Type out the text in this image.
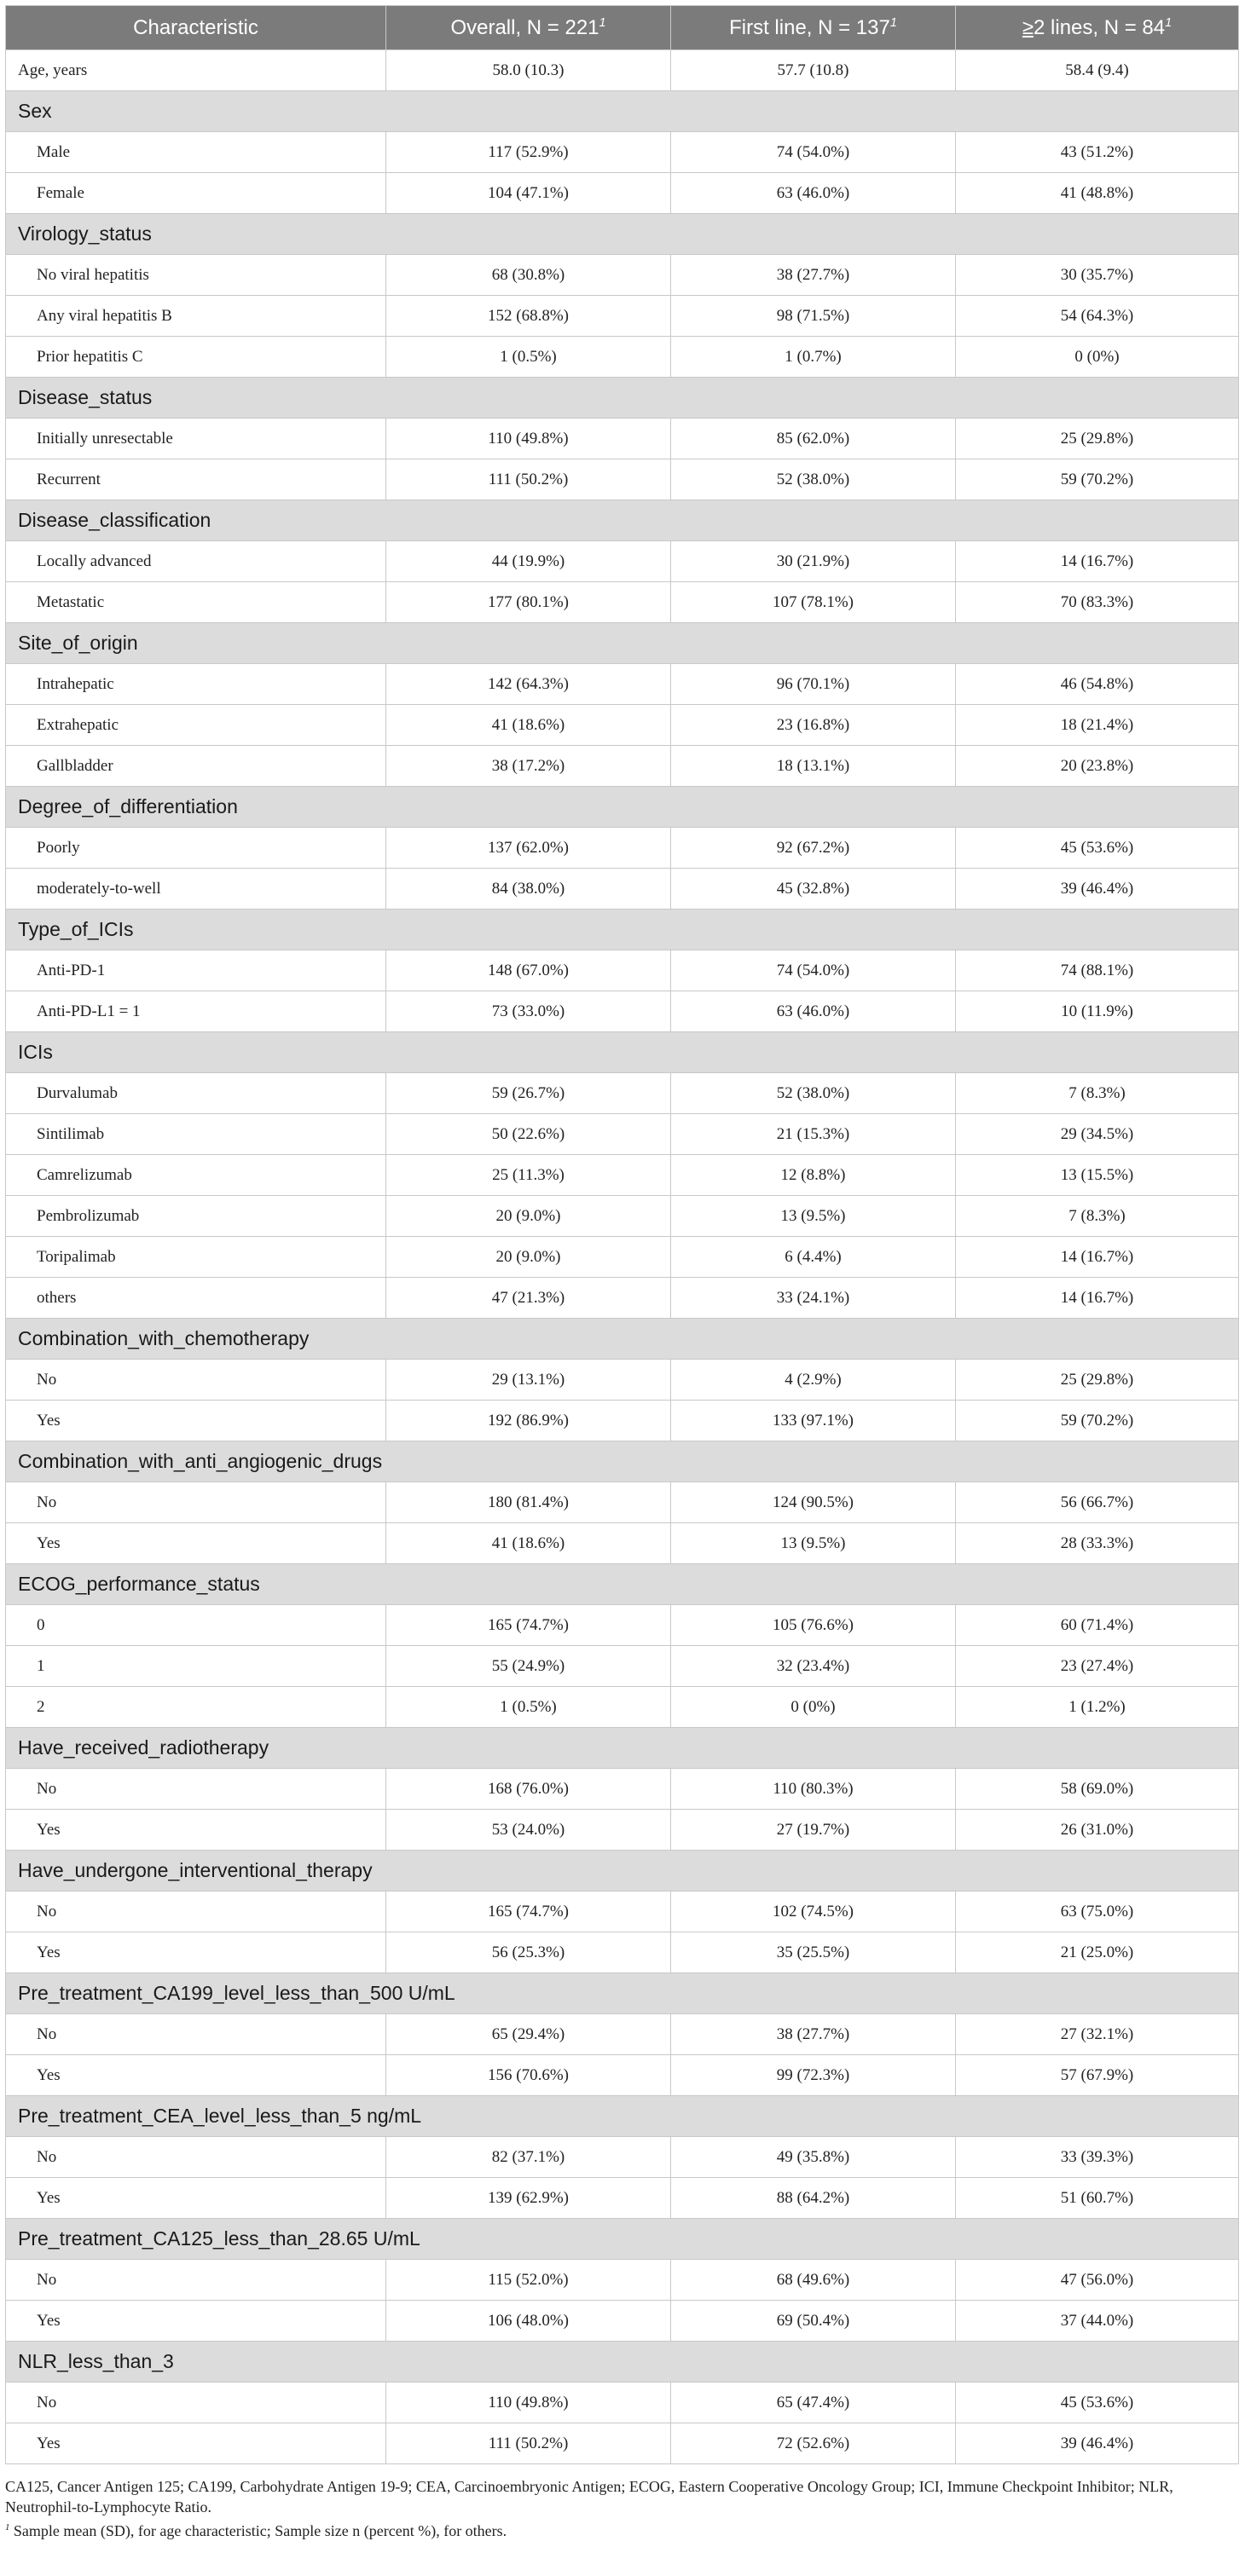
Characteristic	Overall, $N = 221^1$	First line, $N = 137^1$	≥2 lines, $N = 84^1$
Age, years	58.0 (10.3)	57.7 (10.8)	58.4 (9.4)
Sex			
Male	117 (52.9%)	74 (54.0%)	43 (51.2%)
Female	104 (47.1%)	63 (46.0%)	41 (48.8%)
Virology_status			
No viral hepatitis	68 (30.8%)	38 (27.7%)	30 (35.7%)
Any viral hepatitis B	152 (68.8%)	98 (71.5%)	54 (64.3%)
Prior hepatitis C	1 (0.5%)	1 (0.7%)	0 (0%)
Disease_status			
Initially unresectable	110 (49.8%)	85 (62.0%)	25 (29.8%)
Recurrent	111 (50.2%)	52 (38.0%)	59 (70.2%)
Disease_classification			
Locally advanced	44 (19.9%)	30 (21.9%)	14 (16.7%)
Metastatic	177 (80.1%)	107 (78.1%)	70 (83.3%)
Site_of_origin			
Intrahepatic	142 (64.3%)	96 (70.1%)	46 (54.8%)
Extrahepatic	41 (18.6%)	23 (16.8%)	18 (21.4%)
Gallbladder	38 (17.2%)	18 (13.1%)	20 (23.8%)
Degree_of_differentiation			
Poorly	137 (62.0%)	92 (67.2%)	45 (53.6%)
moderately-to-well	84 (38.0%)	45 (32.8%)	39 (46.4%)
Type_of_ICIs			
Anti-PD-1	148 (67.0%)	74 (54.0%)	74 (88.1%)
Anti-PD-L1 = 1	73 (33.0%)	63 (46.0%)	10 (11.9%)
ICIs			
Durvalumab	59 (26.7%)	52 (38.0%)	7 (8.3%)
Sintilimab	50 (22.6%)	21 (15.3%)	29 (34.5%)
Camrelizumab	25 (11.3%)	12 (8.8%)	13 (15.5%)
Pembrolizumab	20 (9.0%)	13 (9.5%)	7 (8.3%)
Toripalimab	20 (9.0%)	6 (4.4%)	14 (16.7%)
others	47 (21.3%)	33 (24.1%)	14 (16.7%)
Combination_with_chemotherapy			
No	29 (13.1%)	4 (2.9%)	25 (29.8%)
Yes	192 (86.9%)	133 (97.1%)	59 (70.2%)
Combination_with_anti_angiogenic_drugs			
No	180 (81.4%)	124 (90.5%)	56 (66.7%)
Yes	41 (18.6%)	13 (9.5%)	28 (33.3%)
ECOG_performance_status			
0	165 (74.7%)	105 (76.6%)	60 (71.4%)
1	55 (24.9%)	32 (23.4%)	23 (27.4%)
2	1 (0.5%)	0 (0%)	1 (1.2%)
Have_received_radiotherapy			
No	168 (76.0%)	110 (80.3%)	58 (69.0%)
Yes	53 (24.0%)	27 (19.7%)	26 (31.0%)
Have_undergone_interventional_therapy			
No	165 (74.7%)	102 (74.5%)	63 (75.0%)
Yes	56 (25.3%)	35 (25.5%)	21 (25.0%)
Pre_treatment_CA199_level_less_than_500 U/mL			
No	65 (29.4%)	38 (27.7%)	27 (32.1%)
Yes	156 (70.6%)	99 (72.3%)	57 (67.9%)
Pre_treatment_CEA_level_less_than_5 ng/mL			
No	82 (37.1%)	49 (35.8%)	33 (39.3%)
Yes	139 (62.9%)	88 (64.2%)	51 (60.7%)
Pre_treatment_CA125_less_than_28.65 U/mL			
No	115 (52.0%)	68 (49.6%)	47 (56.0%)
Yes	106 (48.0%)	69 (50.4%)	37 (44.0%)
NLR_less_than_3			
No	110 (49.8%)	65 (47.4%)	45 (53.6%)
Yes	111 (50.2%)	72 (52.6%)	39 (46.4%)

CA125, Cancer Antigen 125; CA199, Carbohydrate Antigen 19-9; CEA, Carcinoembryonic Antigen; ECOG, Eastern Cooperative Oncology Group; ICI, Immune Checkpoint Inhibitor; NLR, Neutrophil-to-Lymphocyte Ratio.

$^1$ Sample mean (SD), for age characteristic; Sample size n (percent %), for others.
